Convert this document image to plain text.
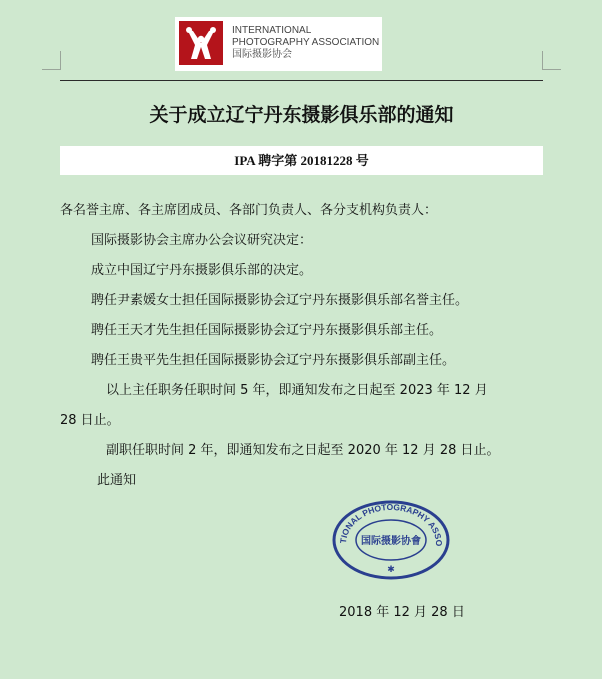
INTERNATIONAL
PHOTOGRAPHY ASSOCIATION
国际摄影协会
关于成立辽宁丹东摄影俱乐部的通知
IPA 聘字第 20181228 号
各名誉主席、各主席团成员、各部门负责人、各分支机构负责人：
国际摄影协会主席办公会议研究决定：
成立中国辽宁丹东摄影俱乐部的决定。
聘任尹素媛女士担任国际摄影协会辽宁丹东摄影俱乐部名誉主任。
聘任王天才先生担任国际摄影协会辽宁丹东摄影俱乐部主任。
聘任王贵平先生担任国际摄影协会辽宁丹东摄影俱乐部副主任。
以上主任职务任职时间 5 年，即通知发布之日起至 2023 年 12 月
28 日止。
副职任职时间 2 年，即通知发布之日起至 2020 年 12 月 28 日止。
此通知
TIONAL PHOTOGRAPHY ASSO
国际摄影协會
✱
2018 年 12 月 28 日
